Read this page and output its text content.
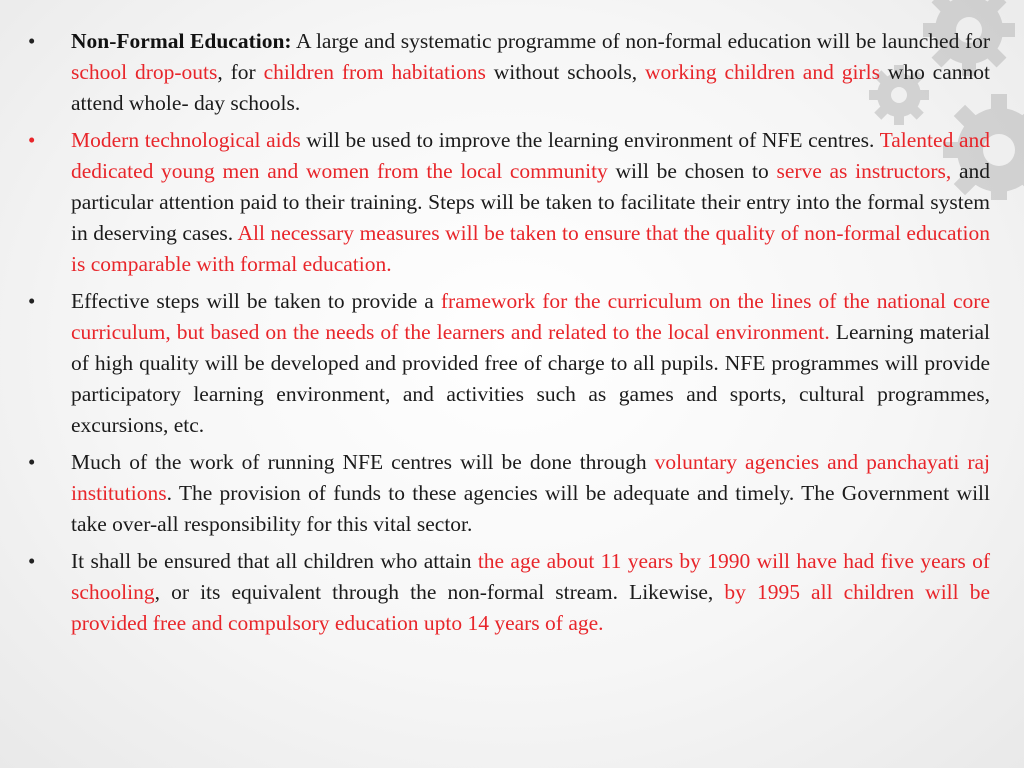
•	Non-Formal Education: A large and systematic programme of non-formal education will be launched for school drop-outs, for children from habitations without schools, working children and girls who cannot attend whole- day schools.
•	Modern technological aids will be used to improve the learning environment of NFE centres. Talented and dedicated young men and women from the local community will be chosen to serve as instructors, and particular attention paid to their training. Steps will be taken to facilitate their entry into the formal system in deserving cases. All necessary measures will be taken to ensure that the quality of non-formal education is comparable with formal education.
•	Effective steps will be taken to provide a framework for the curriculum on the lines of the national core curriculum, but based on the needs of the learners and related to the local environment. Learning material of high quality will be developed and provided free of charge to all pupils. NFE programmes will provide participatory learning environment, and activities such as games and sports, cultural programmes, excursions, etc.
•	Much of the work of running NFE centres will be done through voluntary agencies and panchayati raj institutions. The provision of funds to these agencies will be adequate and timely. The Government will take over-all responsibility for this vital sector.
•	It shall be ensured that all children who attain the age about 11 years by 1990 will have had five years of schooling, or its equivalent through the non-formal stream. Likewise, by 1995 all children will be provided free and compulsory education upto 14 years of age.
